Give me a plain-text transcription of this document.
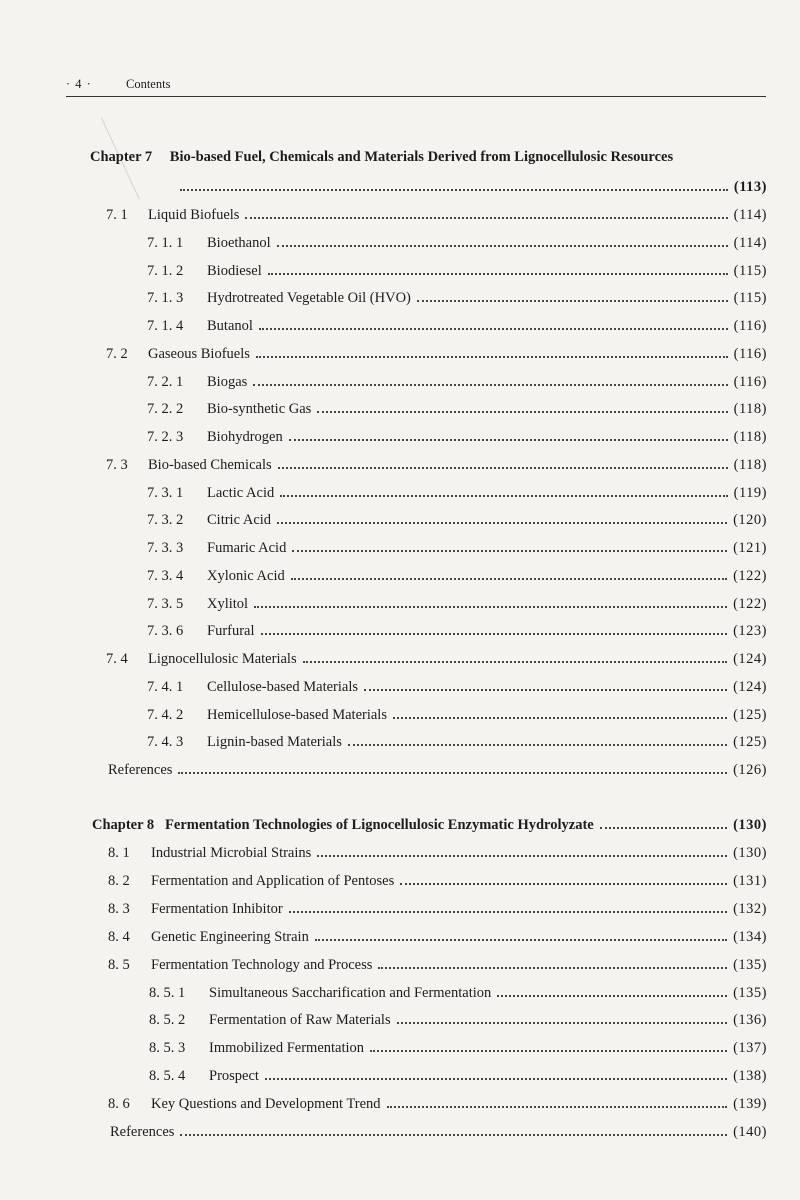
· 4 ·	Contents
Chapter 7 Bio-based Fuel, Chemicals and Materials Derived from Lignocellulosic Resources
(113)
7. 1	Liquid Biofuels	(114)
7. 1. 1	Bioethanol	(114)
7. 1. 2	Biodiesel	(115)
7. 1. 3	Hydrotreated Vegetable Oil (HVO)	(115)
7. 1. 4	Butanol	(116)
7. 2	Gaseous Biofuels	(116)
7. 2. 1	Biogas	(116)
7. 2. 2	Bio-synthetic Gas	(118)
7. 2. 3	Biohydrogen	(118)
7. 3	Bio-based Chemicals	(118)
7. 3. 1	Lactic Acid	(119)
7. 3. 2	Citric Acid	(120)
7. 3. 3	Fumaric Acid	(121)
7. 3. 4	Xylonic Acid	(122)
7. 3. 5	Xylitol	(122)
7. 3. 6	Furfural	(123)
7. 4	Lignocellulosic Materials	(124)
7. 4. 1	Cellulose-based Materials	(124)
7. 4. 2	Hemicellulose-based Materials	(125)
7. 4. 3	Lignin-based Materials	(125)
References	(126)
Chapter 8 Fermentation Technologies of Lignocellulosic Enzymatic Hydrolyzate	(130)
8. 1	Industrial Microbial Strains	(130)
8. 2	Fermentation and Application of Pentoses	(131)
8. 3	Fermentation Inhibitor	(132)
8. 4	Genetic Engineering Strain	(134)
8. 5	Fermentation Technology and Process	(135)
8. 5. 1	Simultaneous Saccharification and Fermentation	(135)
8. 5. 2	Fermentation of Raw Materials	(136)
8. 5. 3	Immobilized Fermentation	(137)
8. 5. 4	Prospect	(138)
8. 6	Key Questions and Development Trend	(139)
References	(140)
